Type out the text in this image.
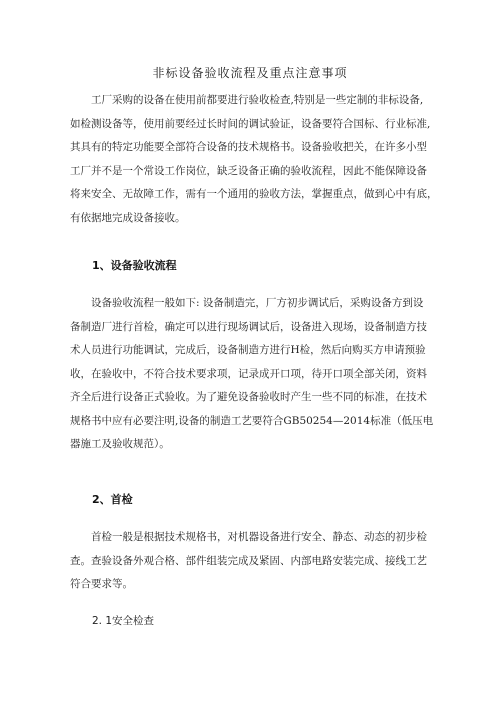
非标设备验收流程及重点注意事项
工厂采购的设备在使用前都要进行验收检查,特别是一些定制的非标设备,
如检测设备等，使用前要经过长时间的调试验证，设备要符合国标、行业标准,
其具有的特定功能要全部符合设备的技术规格书。设备验收把关，在许多小型
工厂并不是一个常设工作岗位，缺乏设备正确的验收流程，因此不能保障设备
将来安全、无故障工作，需有一个通用的验收方法，掌握重点，做到心中有底，
有依据地完成设备接收。
1、设备验收流程
设备验收流程一般如下: 设备制造完，厂方初步调试后，采购设备方到设
备制造厂进行首检，确定可以进行现场调试后，设备进入现场，设备制造方技
术人员进行功能调试，完成后，设备制造方进行H检，然后向购买方申请预验
收，在验收中，不符合技术要求项，记录成开口项，待开口项全部关闭，资料
齐全后进行设备正式验收。为了避免设备验收时产生一些不同的标准，在技术
规格书中应有必要注明,设备的制造工艺要符合GB50254—2014标准（低压电
器施工及验收规范）。
2、首检
首检一般是根据技术规格书，对机器设备进行安全、静态、动态的初步检
查。查验设备外观合格、部件组装完成及紧固、内部电路安装完成、接线工艺
符合要求等。
2. 1安全检查
